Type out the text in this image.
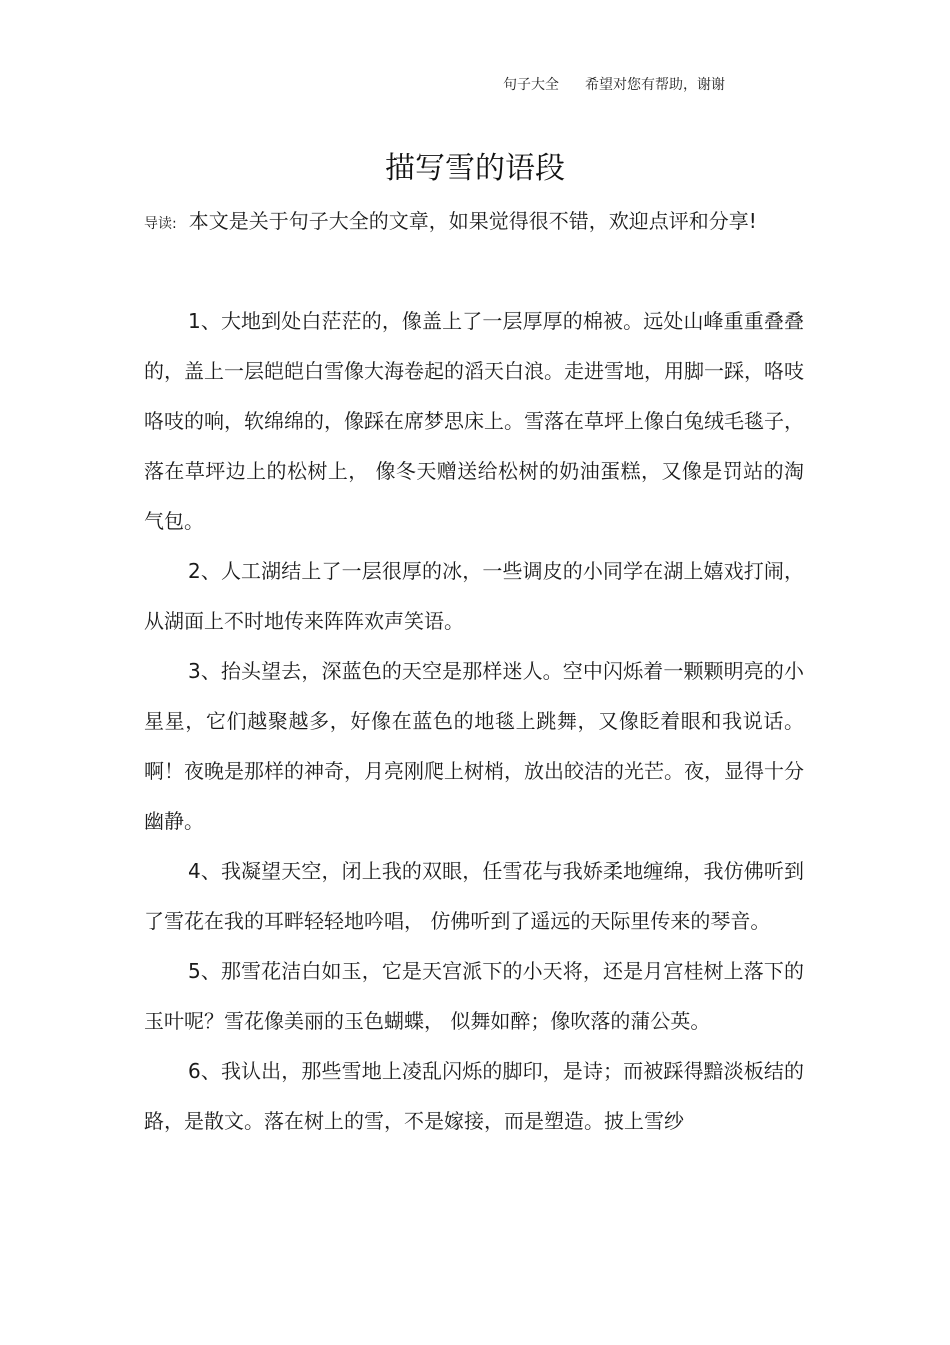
句子大全 希望对您有帮助，谢谢
描写雪的语段

导读: 本文是关于句子大全的文章，如果觉得很不错，欢迎点评和分享!

1、大地到处白茫茫的，像盖上了一层厚厚的棉被。远处山峰重重叠叠的，盖上一层皑皑白雪像大海卷起的滔天白浪。走进雪地，用脚一踩，咯吱咯吱的响，软绵绵的，像踩在席梦思床上。雪落在草坪上像白兔绒毛毯子， 落在草坪边上的松树上， 像冬天赠送给松树的奶油蛋糕，又像是罚站的淘气包。

2、人工湖结上了一层很厚的冰，一些调皮的小同学在湖上嬉戏打闹，从湖面上不时地传来阵阵欢声笑语。

3、抬头望去，深蓝色的天空是那样迷人。空中闪烁着一颗颗明亮的小星星，它们越聚越多，好像在蓝色的地毯上跳舞，又像眨着眼和我说话。啊！夜晚是那样的神奇，月亮刚爬上树梢，放出皎洁的光芒。夜，显得十分幽静。

4、我凝望天空，闭上我的双眼，任雪花与我娇柔地缠绵，我仿佛听到了雪花在我的耳畔轻轻地吟唱， 仿佛听到了遥远的天际里传来的琴音。

5、那雪花洁白如玉，它是天宫派下的小天将，还是月宫桂树上落下的玉叶呢？雪花像美丽的玉色蝴蝶， 似舞如醉；像吹落的蒲公英。

6、我认出，那些雪地上凌乱闪烁的脚印，是诗；而被踩得黯淡板结的路，是散文。落在树上的雪，不是嫁接，而是塑造。披上雪纱
